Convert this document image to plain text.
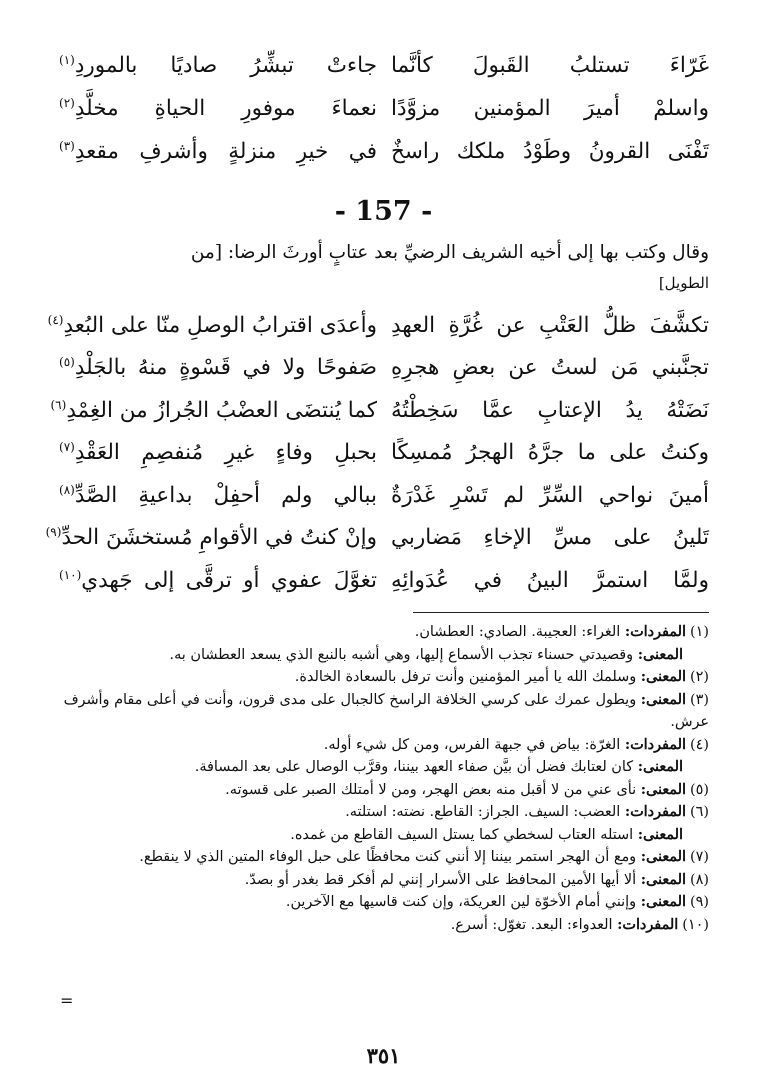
غَرّاءَ تستلبُ القَبولَ كأنَّما
جاءتْ تبشِّرُ صاديًا بالموردِ$^{(١)}$
واسلمْ أميرَ المؤمنين مزوَّدًا
نعماءَ موفورِ الحياةِ مخلَّدِ$^{(٢)}$
تَفْنَى القرونُ وطَوْدُ ملكك راسخٌ
في خيرِ منزلةٍ وأشرفِ مقعدِ$^{(٣)}$
- 157 -
وقال وكتب بها إلى أخيه الشريف الرضيِّ بعد عتابٍ أورثَ الرضا: [من
الطويل]
تكشَّفَ ظلُّ العَتْبِ عن غُرَّةِ العهدِ
وأعدَى اقترابُ الوصلِ منّا على البُعدِ$^{(٤)}$
تجنَّبني مَن لستُ عن بعضِ هجرِهِ
صَفوحًا ولا في قَسْوةٍ منهُ بالجَلْدِ$^{(٥)}$
نَضَتْهُ يدُ الإعتابِ عمَّا سَخِطْتُهُ
كما يُنتضَى العضْبُ الجُرازُ من الغِمْدِ$^{(٦)}$
وكنتُ على ما جرَّهُ الهجرُ مُمسِكًا
بحبلِ وفاءٍ غيرِ مُنفصِمِ العَقْدِ$^{(٧)}$
أمينَ نواحي السِّرِّ لم تَسْرِ غَدْرَةٌ
ببالي ولم أحفِلْ بداعيةِ الصَّدِّ$^{(٨)}$
تَلينُ على مسِّ الإخاءِ مَضاربي
وإنْ كنتُ في الأقوامِ مُستخشَنَ الحدِّ$^{(٩)}$
ولمَّا استمرَّ البينُ في عُدَوائِهِ
تغوَّلَ عفوي أو ترقَّى إلى جَهدي$^{(١٠)}$
(١)المفردات: الغراء: العجيبة. الصادي: العطشان.
المعنى: وقصيدتي حسناء تجذب الأسماع إليها، وهي أشبه بالنبع الذي يسعد العطشان به.
(٢)المعنى: وسلمك الله يا أمير المؤمنين وأنت ترفل بالسعادة الخالدة.
(٣)المعنى: ويطول عمرك على كرسي الخلافة الراسخ كالجبال على مدى قرون، وأنت في أعلى مقام وأشرف عرش.
(٤)المفردات: الغرّة: بياض في جبهة الفرس، ومن كل شيء أوله.
المعنى: كان لعتابك فضل أن بيَّن صفاء العهد بيننا، وقرَّب الوصال على بعد المسافة.
(٥)المعنى: نأى عني من لا أقبل منه بعض الهجر، ومن لا أمتلك الصبر على قسوته.
(٦)المفردات: العضب: السيف. الجراز: القاطع. نضته: استلته.
المعنى: استله العتاب لسخطي كما يستل السيف القاطع من غمده.
(٧)المعنى: ومع أن الهجر استمر بيننا إلا أنني كنت محافظًا على حبل الوفاء المتين الذي لا ينقطع.
(٨)المعنى: ألا أيها الأمين المحافظ على الأسرار إنني لم أفكر قط بغدر أو بصدّ.
(٩)المعنى: وإنني أمام الأخوّة لين العريكة، وإن كنت قاسيها مع الآخرين.
(١٠)المفردات: العدواء: البعد. تغوّل: أسرع.
=
٣٥١
